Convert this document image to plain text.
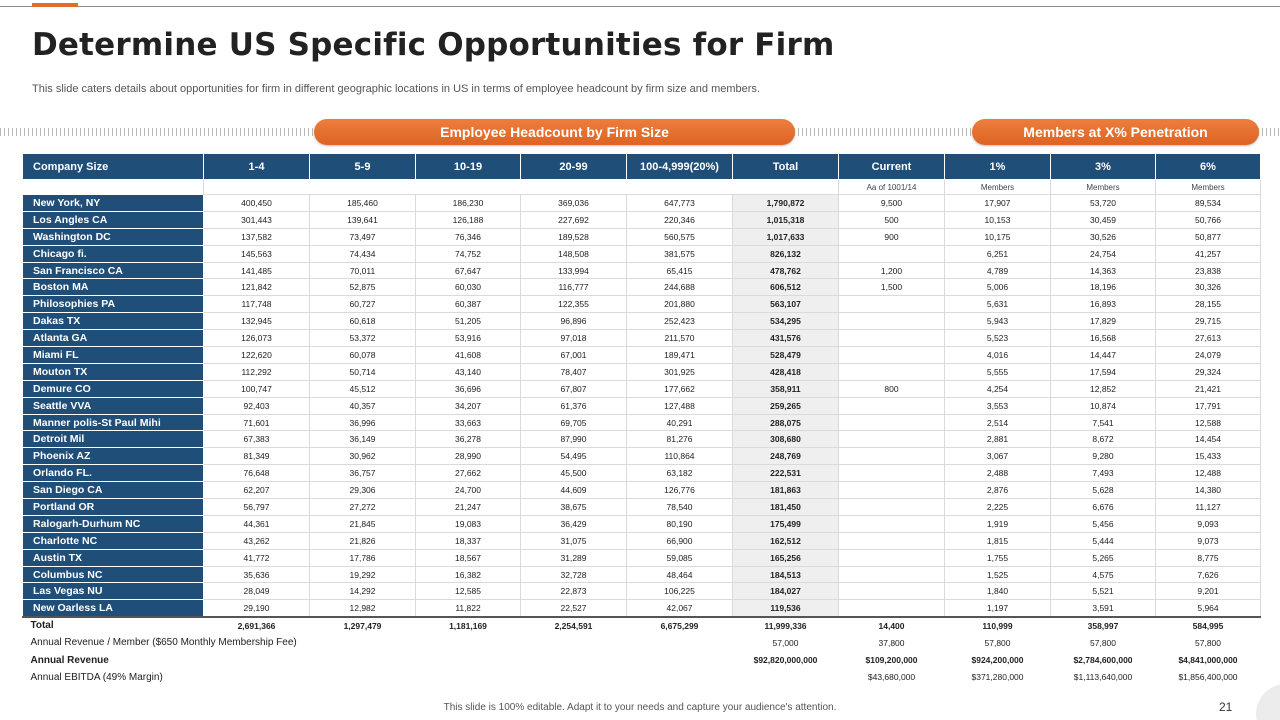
Determine US Specific Opportunities for Firm
This slide caters details about opportunities for firm in different geographic locations in US in terms of employee headcount by firm size and members.
Employee Headcount by Firm Size	Members at X% Penetration
Company Size	1-4	5-9	10-19	20-99	100-4,999(20%)	Total	Current	1%	3%	6%
							Aa of 1001/14	Members	Members	Members
New York, NY	400,450	185,460	186,230	369,036	647,773	1,790,872	9,500	17,907	53,720	89,534
Los Angles CA	301,443	139,641	126,188	227,692	220,346	1,015,318	500	10,153	30,459	50,766
Washington DC	137,582	73,497	76,346	189,528	560,575	1,017,633	900	10,175	30,526	50,877
Chicago fi.	145,563	74,434	74,752	148,508	381,575	826,132		6,251	24,754	41,257
San Francisco CA	141,485	70,011	67,647	133,994	65,415	478,762	1,200	4,789	14,363	23,838
Boston MA	121,842	52,875	60,030	116,777	244,688	606,512	1,500	5,006	18,196	30,326
Philosophies PA	117,748	60,727	60,387	122,355	201,880	563,107		5,631	16,893	28,155
Dakas TX	132,945	60,618	51,205	96,896	252,423	534,295		5,943	17,829	29,715
Atlanta GA	126,073	53,372	53,916	97,018	211,570	431,576		5,523	16,568	27,613
Miami FL	122,620	60,078	41,608	67,001	189,471	528,479		4,016	14,447	24,079
Mouton TX	112,292	50,714	43,140	78,407	301,925	428,418		5,555	17,594	29,324
Demure CO	100,747	45,512	36,696	67,807	177,662	358,911	800	4,254	12,852	21,421
Seattle VVA	92,403	40,357	34,207	61,376	127,488	259,265		3,553	10,874	17,791
Manner polis-St Paul Mihi	71,601	36,996	33,663	69,705	40,291	288,075		2,514	7,541	12,588
Detroit Mil	67,383	36,149	36,278	87,990	81,276	308,680		2,881	8,672	14,454
Phoenix AZ	81,349	30,962	28,990	54,495	110,864	248,769		3,067	9,280	15,433
Orlando FL.	76,648	36,757	27,662	45,500	63,182	222,531		2,488	7,493	12,488
San Diego CA	62,207	29,306	24,700	44,609	126,776	181,863		2,876	5,628	14,380
Portland OR	56,797	27,272	21,247	38,675	78,540	181,450		2,225	6,676	11,127
Ralogarh-Durhum NC	44,361	21,845	19,083	36,429	80,190	175,499		1,919	5,456	9,093
Charlotte NC	43,262	21,826	18,337	31,075	66,900	162,512		1,815	5,444	9,073
Austin TX	41,772	17,786	18,567	31,289	59,085	165,256		1,755	5,265	8,775
Columbus NC	35,636	19,292	16,382	32,728	48,464	184,513		1,525	4,575	7,626
Las Vegas NU	28,049	14,292	12,585	22,873	106,225	184,027		1,840	5,521	9,201
New Oarless LA	29,190	12,982	11,822	22,527	42,067	119,536		1,197	3,591	5,964
Total	2,691,366	1,297,479	1,181,169	2,254,591	6,675,299	11,999,336	14,400	110,999	358,997	584,995
Annual Revenue / Member ($650 Monthly Membership Fee)						57,000	37,800	57,800	57,800	57,800
Annual Revenue						$92,820,000,000	$109,200,000	$924,200,000	$2,784,600,000	$4,841,000,000
Annual EBITDA (49% Margin)							$43,680,000	$371,280,000	$1,113,640,000	$1,856,400,000
This slide is 100% editable. Adapt it to your needs and capture your audience's attention.	21
